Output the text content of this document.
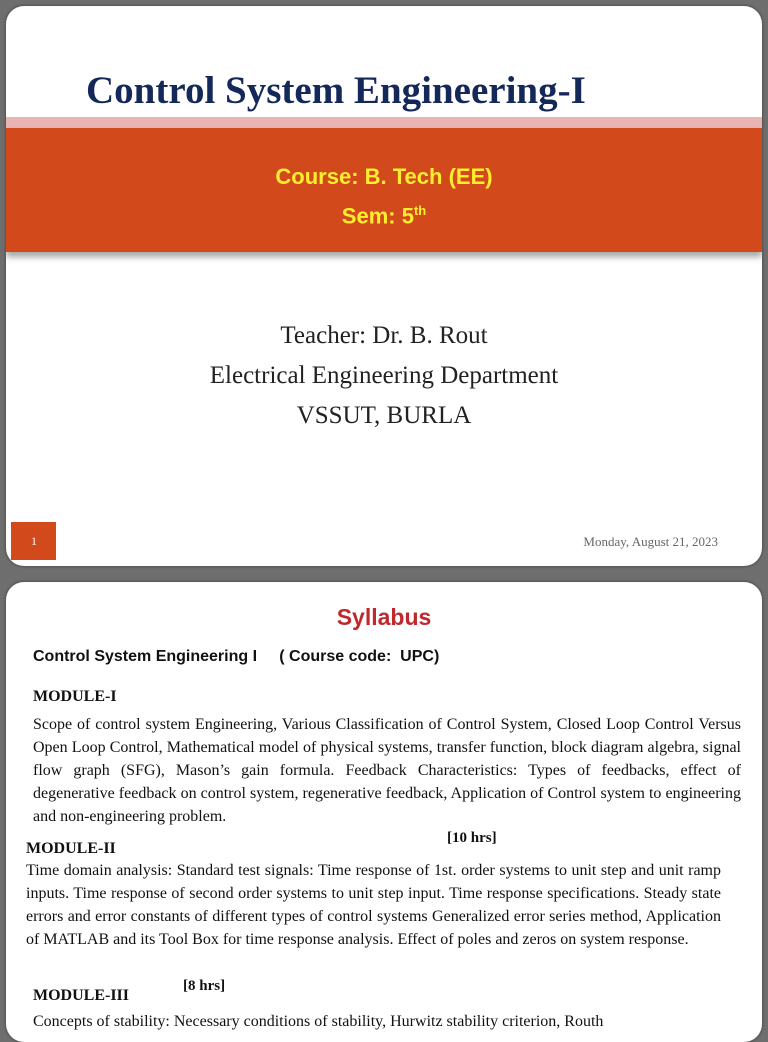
Control System Engineering-I
Course: B. Tech (EE)
Sem: 5th
Teacher: Dr. B. Rout
Electrical Engineering Department
VSSUT, BURLA
1	Monday, August 21, 2023
Syllabus
Control System Engineering I     ( Course code:  UPC)
MODULE-I

Scope of control system Engineering, Various Classification of Control System, Closed Loop Control Versus Open Loop Control, Mathematical model of physical systems, transfer function, block diagram algebra, signal flow graph (SFG), Mason’s gain formula. Feedback Characteristics: Types of feedbacks, effect of degenerative feedback on control system, regenerative feedback, Application of Control system to engineering and non-engineering problem.

[10 hrs]
MODULE-II

Time domain analysis: Standard test signals: Time response of 1st. order systems to unit step and unit ramp inputs. Time response of second order systems to unit step input. Time response specifications. Steady state errors and error constants of different types of control systems Generalized error series method, Application of MATLAB and its Tool Box for time response analysis. Effect of poles and zeros on system response.

[8 hrs]
MODULE-III

Concepts of stability: Necessary conditions of stability, Hurwitz stability criterion, Routh
